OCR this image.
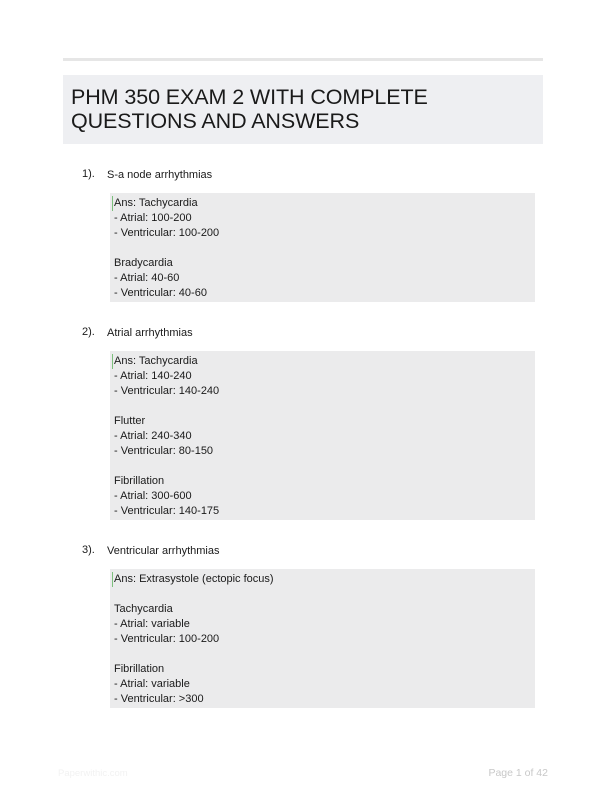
PHM 350 EXAM 2 WITH COMPLETE QUESTIONS AND ANSWERS
1). S-a node arrhythmias
Ans: Tachycardia
- Atrial: 100-200
- Ventricular: 100-200
Bradycardia
- Atrial: 40-60
- Ventricular: 40-60
2). Atrial arrhythmias
Ans: Tachycardia
- Atrial: 140-240
- Ventricular: 140-240
Flutter
- Atrial: 240-340
- Ventricular: 80-150
Fibrillation
- Atrial: 300-600
- Ventricular: 140-175
3). Ventricular arrhythmias
Ans: Extrasystole (ectopic focus)
Tachycardia
- Atrial: variable
- Ventricular: 100-200
Fibrillation
- Atrial: variable
- Ventricular: >300
Paperwithic.com	Page 1 of 42
